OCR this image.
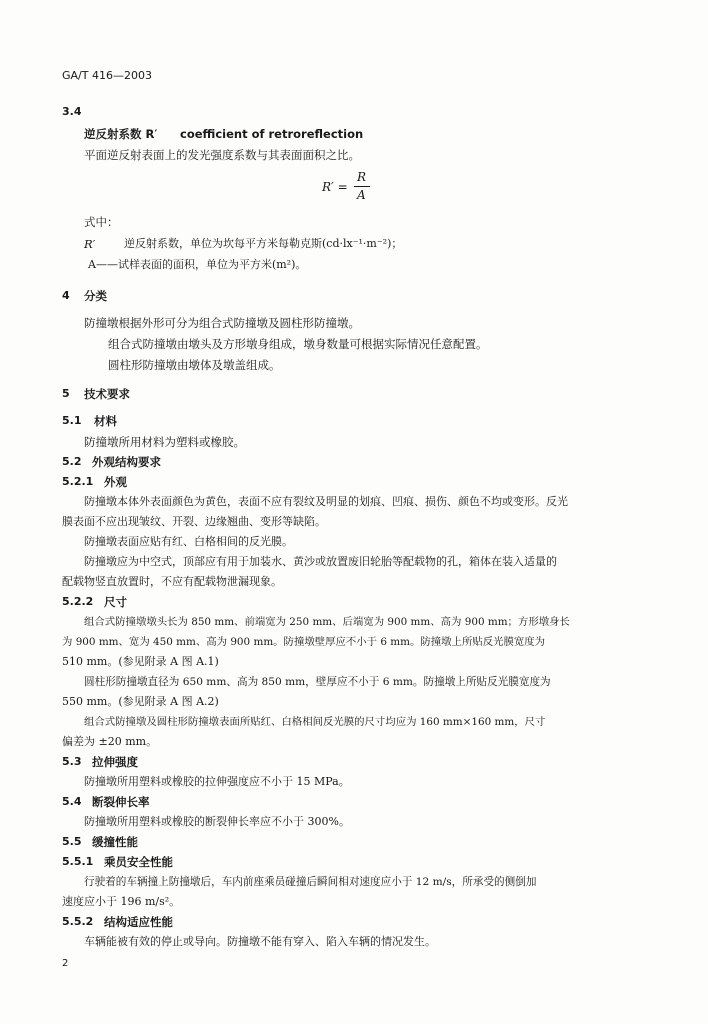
GA/T 416—2003
3.4
逆反射系数 R′ coefficient of retroreflection
平面逆反射表面上的发光强度系数与其表面面积之比。
R′ =
R
A
式中：
R′	逆反射系数，单位为坎每平方米每勒克斯(cd·lx⁻¹·m⁻²)；
A——试样表面的面积，单位为平方米(m²)。
4 分类
防撞墩根据外形可分为组合式防撞墩及圆柱形防撞墩。
组合式防撞墩由墩头及方形墩身组成，墩身数量可根据实际情况任意配置。
圆柱形防撞墩由墩体及墩盖组成。
5 技术要求
5.1 材料
防撞墩所用材料为塑料或橡胶。
5.2 外观结构要求
5.2.1 外观
防撞墩本体外表面颜色为黄色，表面不应有裂纹及明显的划痕、凹痕、损伤、颜色不均或变形。反光
膜表面不应出现皱纹、开裂、边缘翘曲、变形等缺陷。
防撞墩表面应贴有红、白格相间的反光膜。
防撞墩应为中空式，顶部应有用于加装水、黄沙或放置废旧轮胎等配载物的孔，箱体在装入适量的
配载物竖直放置时，不应有配载物泄漏现象。
5.2.2 尺寸
组合式防撞墩墩头长为 850 mm、前端宽为 250 mm、后端宽为 900 mm、高为 900 mm；方形墩身长
为 900 mm、宽为 450 mm、高为 900 mm。防撞墩壁厚应不小于 6 mm。防撞墩上所贴反光膜宽度为
510 mm。(参见附录 A 图 A.1)
圆柱形防撞墩直径为 650 mm、高为 850 mm，壁厚应不小于 6 mm。防撞墩上所贴反光膜宽度为
550 mm。(参见附录 A 图 A.2)
组合式防撞墩及圆柱形防撞墩表面所贴红、白格相间反光膜的尺寸均应为 160 mm×160 mm，尺寸
偏差为 ±20 mm。
5.3 拉伸强度
防撞墩所用塑料或橡胶的拉伸强度应不小于 15 MPa。
5.4 断裂伸长率
防撞墩所用塑料或橡胶的断裂伸长率应不小于 300%。
5.5 缓撞性能
5.5.1 乘员安全性能
行驶着的车辆撞上防撞墩后，车内前座乘员碰撞后瞬间相对速度应小于 12 m/s，所承受的侧倒加
速度应小于 196 m/s²。
5.5.2 结构适应性能
车辆能被有效的停止或导向。防撞墩不能有穿入、陷入车辆的情况发生。
2
